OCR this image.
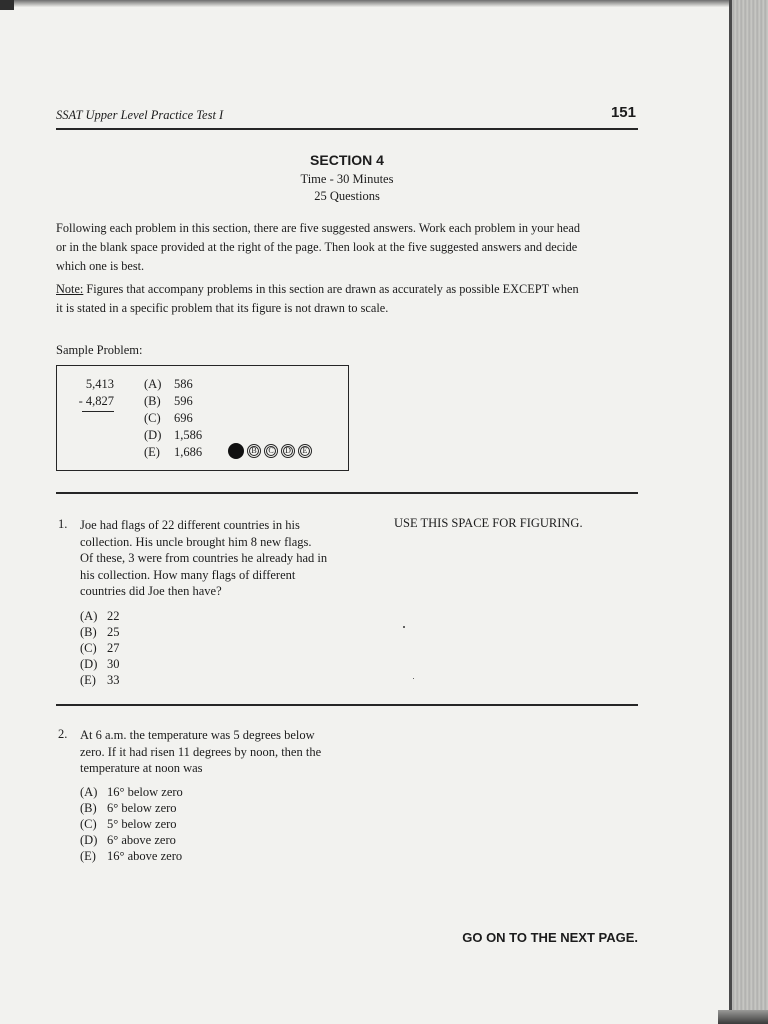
SSAT Upper Level Practice Test I	151
SECTION 4
Time - 30 Minutes
25 Questions
Following each problem in this section, there are five suggested answers. Work each problem in your head
or in the blank space provided at the right of the page. Then look at the five suggested answers and decide
which one is best.
Note: Figures that accompany problems in this section are drawn as accurately as possible EXCEPT when
it is stated in a specific problem that its figure is not drawn to scale.
Sample Problem:
5,413
- 4,827
(A) 586
(B) 596
(C) 696
(D) 1,586
(E) 1,686	B	C	D	E
1. Joe had flags of 22 different countries in his
collection. His uncle brought him 8 new flags.
Of these, 3 were from countries he already had in
his collection. How many flags of different
countries did Joe then have?
USE THIS SPACE FOR FIGURING.
(A) 22
(B) 25
(C) 27
(D) 30
(E) 33
2. At 6 a.m. the temperature was 5 degrees below
zero. If it had risen 11 degrees by noon, then the
temperature at noon was
(A) 16° below zero
(B) 6° below zero
(C) 5° below zero
(D) 6° above zero
(E) 16° above zero
GO ON TO THE NEXT PAGE.
